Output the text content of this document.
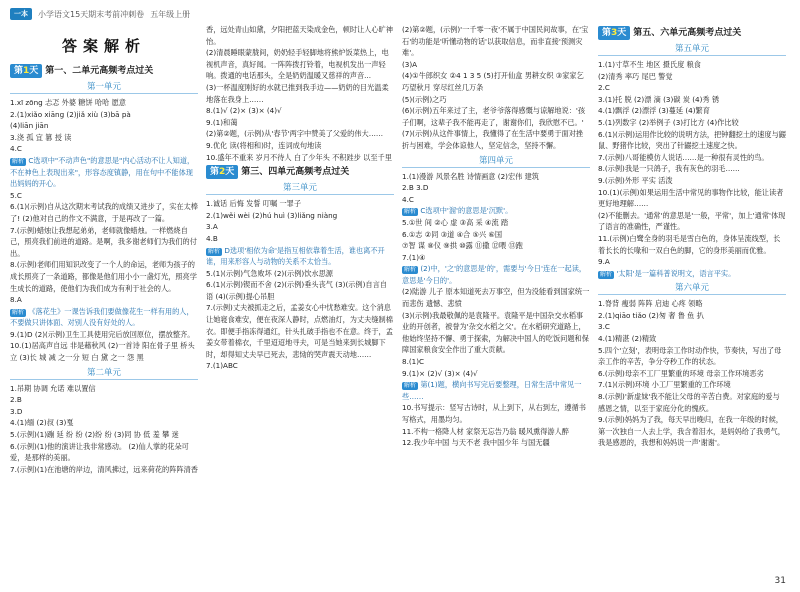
一本	小学语文15天期末考前冲刺卷 五年级上册
答案解析
第1天 第一、二单元高频考点过关
第一单元

1.xī zōng 忐忑 外婆 糖饼 哈哈 愿意

2.(1)xiǎo xiāng (2)jiǎ xiù (3)bā pà

(4)liān jiān

3.浇 孤 宜 篡 授 读

4.C

解析 C选项中"不动声色"的意思是"内心活动不让人知道，不在神色上表现出来"，形容态度镇静，用在句中不能体现出妈妈的开心。

5.C

6.(1)(示例)自从这次期末考试我的成绩又进步了，实在太棒了! (2)他对自己的作文不满意，于是再改了一篇。

7.(示例)蜡烛让我想起弟弟，老师就像蜡烛。一样燃烧自己，照亮我们前进的道路。是啊，我多谢老师们为我们的付出。

8.(示例)老师们用知识改变了一个人的命运，老师为孩子的成长照亮了一条道路，都像是他们用小小一盏灯光，照亮学生成长的道路，使他们为我们成为有利于社会的人。

8.A

解析 《落花生》一课告诉我们要做像花生一样有用的人，不要做只讲体面、对别人没有好处的人。

9.(1)D (2)(示例)卫生工具使用完后放回原位，摆放整齐。

10.(1)居高声自远 非是藉秋风 (2)一首诗 阳在骨子里 桥头立 (3)长 城 减 之一分 短 白 黛 之一 怨 黑

第二单元

1.吊期 协调 允诺 难以置信

2.B

3.D

4.(1)缅 (2)叔 (3)戛

5.(示例)(1)蹦 延 纷 纷 (2)纷 纷 (3)同 协 低 羞 攀 迷

6.(示例)(1)他的演讲让我非常感动。 (2)仙人掌的花朵可爱，是那样的美丽。

7.(示例)(1)在池塘的岸边，清风拂过，远来荷花的阵阵清香

香，远处青山如黛，夕阳把蓝天染成金色，顿时让人心旷神怡。

(2)清晨睡眼蒙胧间，奶奶轻手轻脚地将熊炉饭菜热上，电视机声音，真好闻。一阵阵拨打铃着，电视机发出一声轻响。拨通的电话那头，全是奶奶温暖又慈祥的声音...

(3)一杯温度刚好的水就已推到我手边——奶奶的目光温柔地落在我身上……

8.(1)√ (2)× (3)× (4)√

9.(1)和蔼

(2)第②题，(示例)从'春节'两字中赞美了父爱的伟大……

9.优化 读(将相和)时，连词成句地读

10.盛年不重来 岁月不待人 白了少年头 不积跬步 以至千里

第2天 第三、四单元高频考点过关
第三单元

1.诚话 后悔 发誓 叮嘱 一罪子

2.(1)wěi wèi (2)hú huì (3)liǎng niàng

3.A

4.B

解析 D选项'相依为命'是指互相依靠着生活，谁也离不开谁，用来形容人与动物的关系不太恰当。

5.(1)(示例)气急败坏 (2)(示例)饮水思源

6.(1)(示例)锲而不舍 (2)(示例)垂头丧气 (3)(示例)自言自语 (4)(示例)提心吊胆

7.(示例)丈夫被抓走之后，孟姜女心中忧愁难安。这个消息让她寝食难安，便在夜深人静时，点燃油灯，为丈夫缝制棉衣。即便手指冻得通红，针头扎破手指也不在意。终于，孟姜女带着棉衣，千里迢迢地寻夫，可是当她来到长城脚下时，却得知丈夫早已死去，悲恸的哭声震天动地……

7.(1)ABC

(2)第②题，(示例)'一千零一夜'不属于中国民间故事，在'宝石'的功能是'听懂动物的话'以获取信息，而非直接'预测灾难'。

(3)A

(4)①牛郎织女 ②4 1 3 5 (5)打开仙盒 男耕女织 ③家家乞巧望秋月 穿尽红丝几万条

(5)(示例)之巧

(6)(示例)五年来过了主，老爷爷落得感慨与谅解地说：'孩子们啊，这辈子我不能再走了，谢谢你们，我欣慰不已。'

(7)(示例)从这件事情上，我懂得了在生活中要勇于面对挫折与困难，学会体谅他人，坚定信念，坚持不懈。

第四单元

1.(1)漫游 风景名胜 诗情画意 (2)宏伟 建筑

2.B 3.D

4.C

解析 C选项中'溜'的意思是'沉默'。

5.①世 间 ②心 虚 ③高 采 ④流 踏

6.①志 ②同 ③道 ④合 ⑤兴 ⑥国

⑦智 谋 ⑧仪 ⑨拱 ⑩露 ⑪撒 ⑫喂 ⑬跑

7.(1)④

解析 (2)中，'之'的意思是'的'，需要与'今日'连在一起读，意思是'今日的'。

(2)陆游 儿子 原本知道死去万事空，但为没能看到国家统一而悲伤 遗憾、悲愤

(3)(示例)我最敬佩的是袁隆平。袁隆平是中国杂交水稻事业的开创者，被誉为'杂交水稻之父'。在水稻研究道路上，他始终坚持不懈、勇于探索，为解决中国人的吃饭问题和保障国家粮食安全作出了重大贡献。

8.(1)C

9.(1)× (2)√ (3)× (4)√

解析 第(1)题，横向书写完后要整理，日常生活中常见一些……

10.书写提示：竖写古诗时，从上到下，从右到左，遵循书写格式，用墨均匀。

11.不构一格降人材 家祭无忘告乃翁 暖风熏得游人醉

12.我少年中国 与天不老 我中国少年 与国无疆

第3天 第五、六单元高频考点过关
第五单元

1.(1)寸草不生 地区 摄氏度 粮食

(2)清秀 率巧 尾巴 警觉

2.C

3.(1)托 脱 (2)漂 滴 (3)碳 炭 (4)秀 锈

4.(1)飘浮 (2)漂浮 (3)蔓延 (4)繁育

5.(1)列数字 (2)举例子 (3)打比方 (4)作比较

6.(1)(示例)运用作比较的说明方法，把钟翻挖土的速度与鼹鼠、野猪作比较，突出了针鼹挖土速度之快。

7.(示例)八哥能模仿人说话……是一种很有灵性的鸟。

8.(示例)我是一只鸽子，我有灰色的羽毛……

9.(示例)外形 平实 活泼

10.(1)(示例)如果运用生活中常见的事物作比较，能让读者更好地理解……

(2)不能删去。'通常'的意思是'一般，平常'，加上'通常'体现了语言的准确性，严谨性。

11.(示例)白鹭全身的羽毛是雪白色的，身体呈流线型，长着长长的长喙和一双白色的脚，它的身形美丽而优雅。

9.A

解析 '太阳'是一篇科普说明文，语言平实。

第六单元

1.脊背 瘦弱 阵阵 启迪 心疼 领略

2.(1)qiāo tiǎo (2)匆 奢 鲁 鱼 扒

3.C

4.(1)精湛 (2)精致

5.四个'立刻'，表明母亲工作时动作快，节奏快，写出了母亲工作的辛苦，争分夺秒工作的状态。

6.(示例)母亲不工厂里繁重的环境 母亲工作环境恶劣

7.(1)(示例)环境 小工厂里繁重的工作环境

8.(示例)'新虚妹'我不能让父母的辛苦白费。对家庭的爱与感恩之情，以至于家庭分化的愧疚。

9.(示例)妈妈为了我，每天早出晚归，在我一年级的时候，第一次独自一人去上学，我含着泪水，是妈妈给了我勇气，我是感恩的，我想和妈妈说一声'谢谢'。

31
